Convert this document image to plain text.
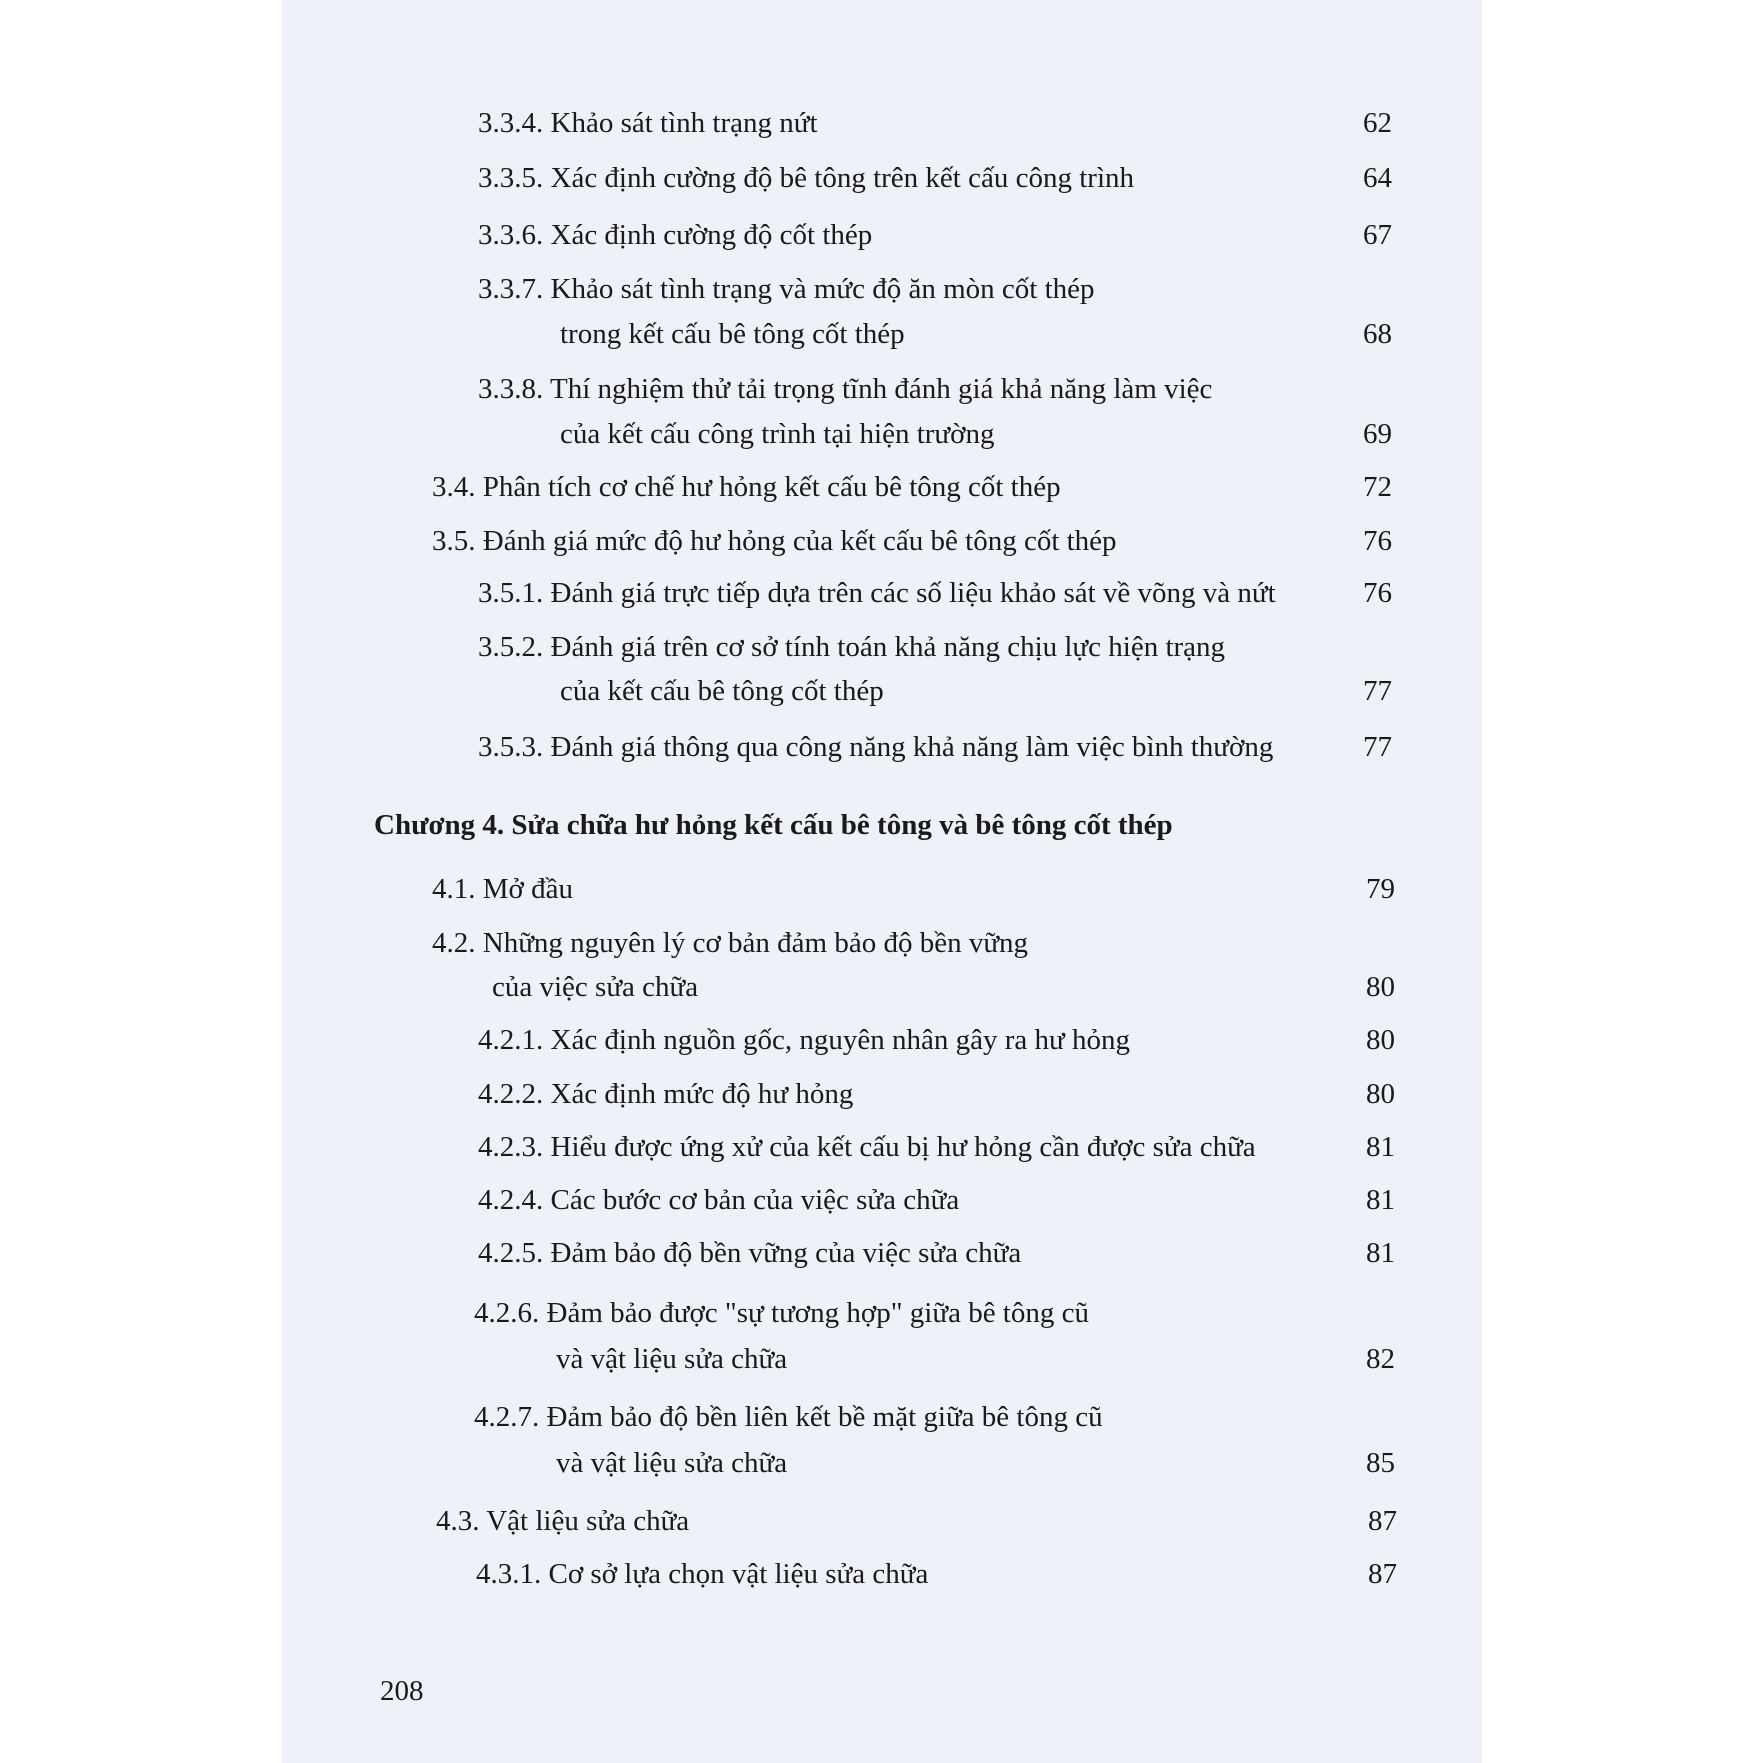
3.3.4. Khảo sát tình trạng nứt	62
3.3.5. Xác định cường độ bê tông trên kết cấu công trình	64
3.3.6. Xác định cường độ cốt thép	67
3.3.7. Khảo sát tình trạng và mức độ ăn mòn cốt thép
trong kết cấu bê tông cốt thép	68
3.3.8. Thí nghiệm thử tải trọng tĩnh đánh giá khả năng làm việc
của kết cấu công trình tại hiện trường	69
3.4. Phân tích cơ chế hư hỏng kết cấu bê tông cốt thép	72
3.5. Đánh giá mức độ hư hỏng của kết cấu bê tông cốt thép	76
3.5.1. Đánh giá trực tiếp dựa trên các số liệu khảo sát về võng và nứt	76
3.5.2. Đánh giá trên cơ sở tính toán khả năng chịu lực hiện trạng
của kết cấu bê tông cốt thép	77
3.5.3. Đánh giá thông qua công năng khả năng làm việc bình thường	77
Chương 4. Sửa chữa hư hỏng kết cấu bê tông và bê tông cốt thép
4.1. Mở đầu	79
4.2. Những nguyên lý cơ bản đảm bảo độ bền vững
của việc sửa chữa	80
4.2.1. Xác định nguồn gốc, nguyên nhân gây ra hư hỏng	80
4.2.2. Xác định mức độ hư hỏng	80
4.2.3. Hiểu được ứng xử của kết cấu bị hư hỏng cần được sửa chữa	81
4.2.4. Các bước cơ bản của việc sửa chữa	81
4.2.5. Đảm bảo độ bền vững của việc sửa chữa	81
4.2.6. Đảm bảo được "sự tương hợp" giữa bê tông cũ
và vật liệu sửa chữa	82
4.2.7. Đảm bảo độ bền liên kết bề mặt giữa bê tông cũ
và vật liệu sửa chữa	85
4.3. Vật liệu sửa chữa	87
4.3.1. Cơ sở lựa chọn vật liệu sửa chữa	87
208
